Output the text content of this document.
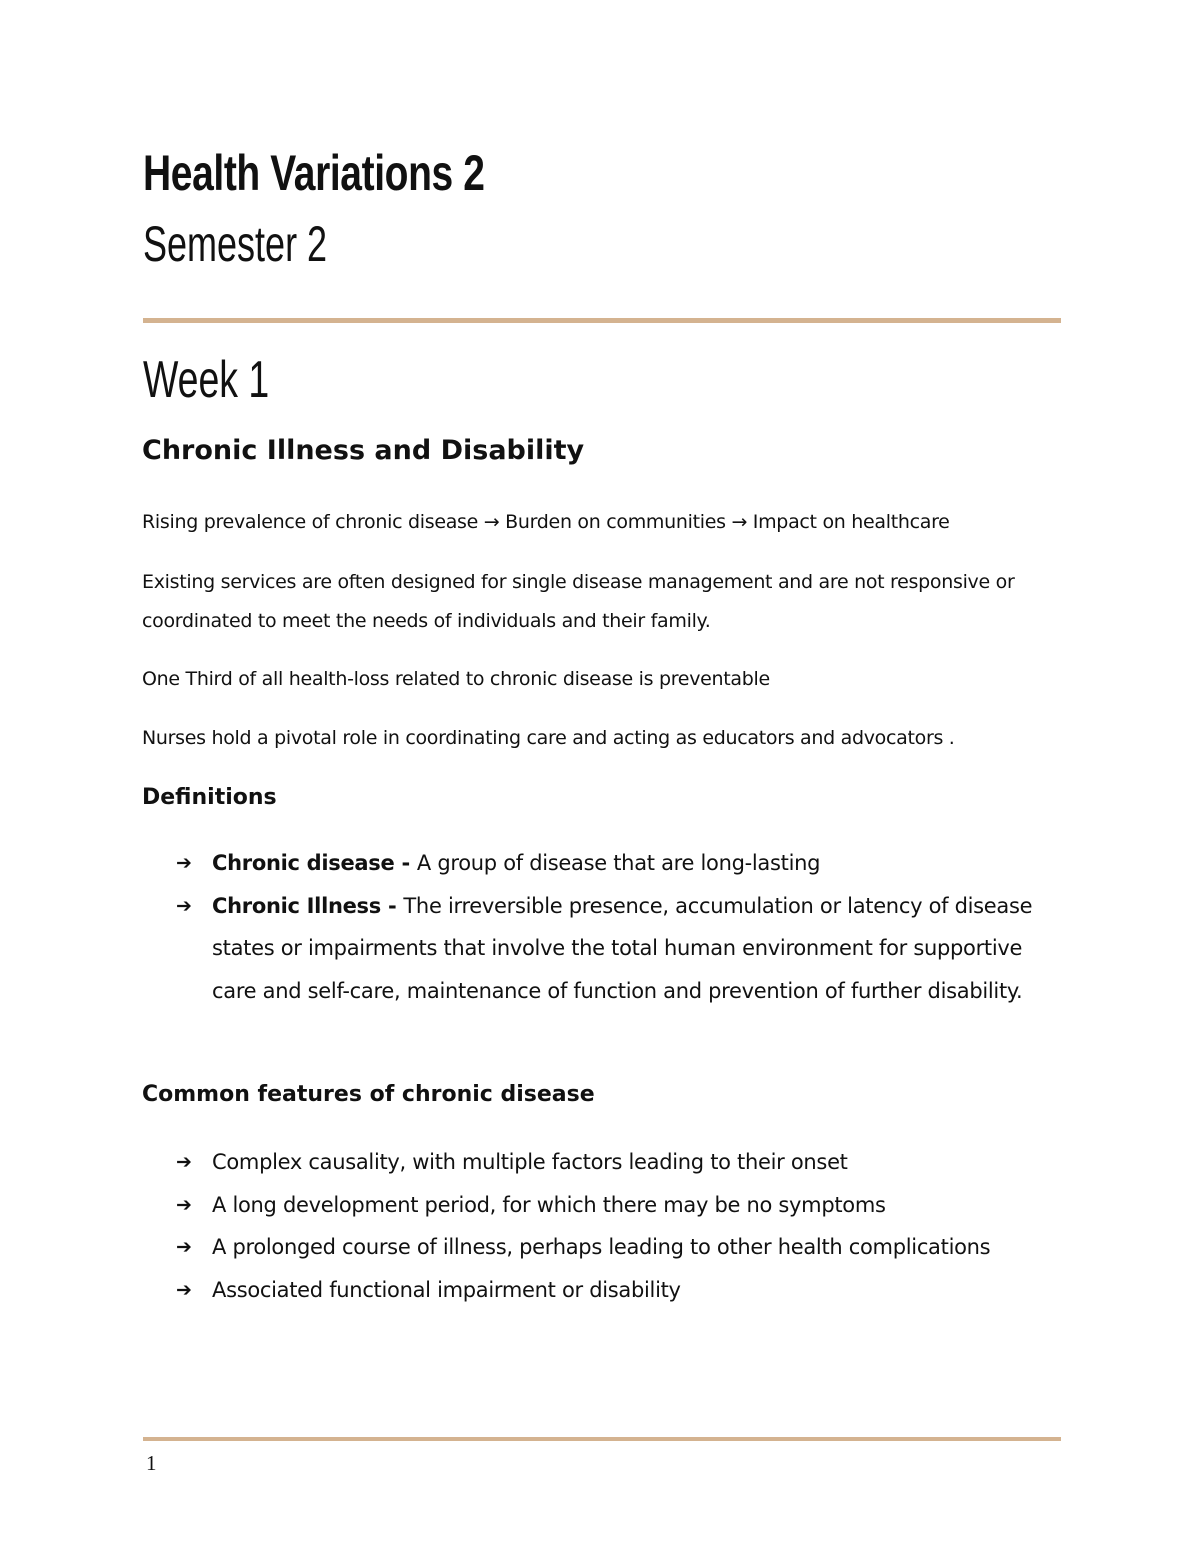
Health Variations 2
Semester 2
Week 1
Chronic Illness and Disability
Rising prevalence of chronic disease → Burden on communities → Impact on healthcare
Existing services are often designed for single disease management and are not responsive or coordinated to meet the needs of individuals and their family.
One Third of all health-loss related to chronic disease is preventable
Nurses hold a pivotal role in coordinating care and acting as educators and advocators .
Definitions
➔ Chronic disease - A group of disease that are long-lasting
➔ Chronic Illness - The irreversible presence, accumulation or latency of disease states or impairments that involve the total human environment for supportive care and self-care, maintenance of function and prevention of further disability.
Common features of chronic disease
➔ Complex causality, with multiple factors leading to their onset
➔ A long development period, for which there may be no symptoms
➔ A prolonged course of illness, perhaps leading to other health complications
➔ Associated functional impairment or disability
1
